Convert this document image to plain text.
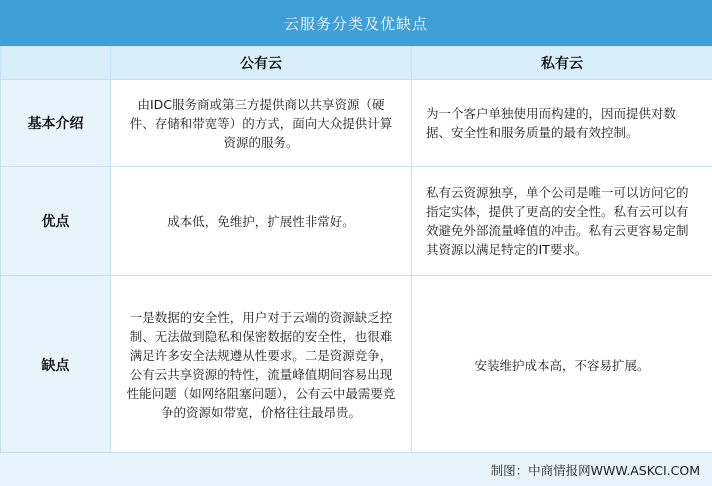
云服务分类及优缺点
	公有云	私有云
基本介绍	由IDC服务商或第三方提供商以共享资源（硬件、存储和带宽等）的方式，面向大众提供计算资源的服务。	为一个客户单独使用而构建的，因而提供对数据、安全性和服务质量的最有效控制。

优点	成本低，免维护，扩展性非常好。	私有云资源独享，单个公司是唯一可以访问它的指定实体，提供了更高的安全性。私有云可以有效避免外部流量峰值的冲击。私有云更容易定制其资源以满足特定的IT要求。

缺点	一是数据的安全性，用户对于云端的资源缺乏控制、无法做到隐私和保密数据的安全性，也很难满足许多安全法规遵从性要求。二是资源竞争，公有云共享资源的特性，流量峰值期间容易出现性能问题（如网络阻塞问题），公有云中最需要竞争的资源如带宽，价格往往最昂贵。	安装维护成本高，不容易扩展。
制图：中商情报网WWW.ASKCI.COM
